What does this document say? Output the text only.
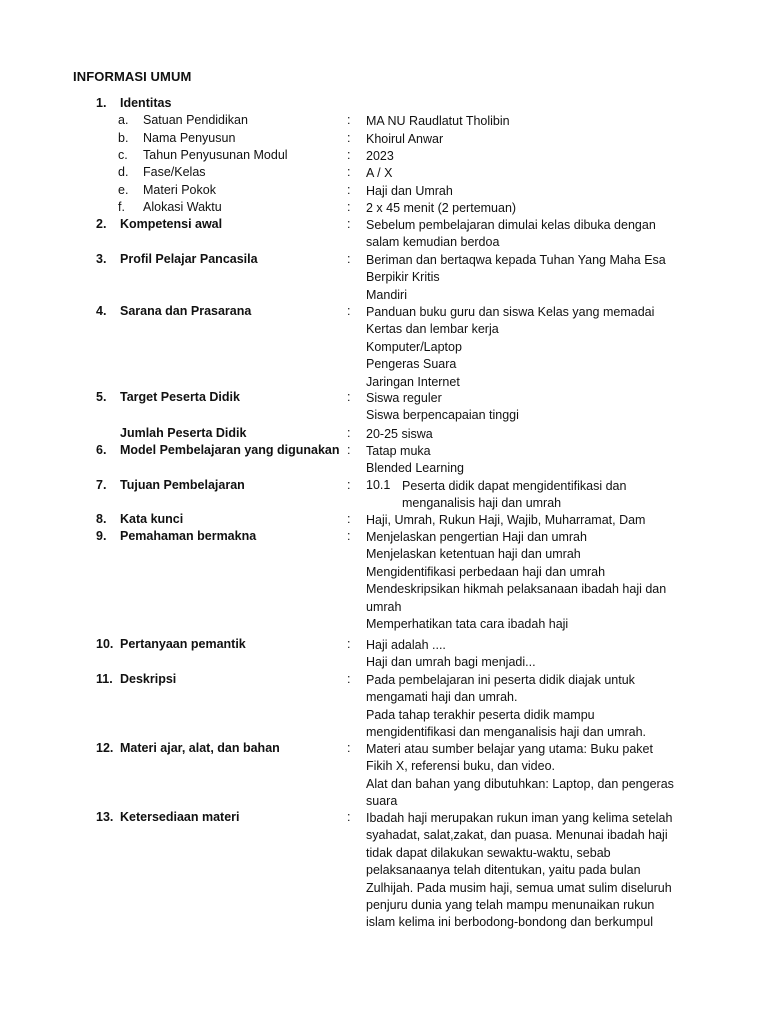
INFORMASI UMUM
1. Identitas
a. Satuan Pendidikan	: MA NU Raudlatut Tholibin
b. Nama Penyusun	: Khoirul Anwar
c. Tahun Penyusunan Modul	: 2023
d. Fase/Kelas	: A / X
e. Materi Pokok	: Haji dan Umrah
f. Alokasi Waktu	: 2 x 45 menit (2 pertemuan)
2. Kompetensi awal	: Sebelum pembelajaran dimulai kelas dibuka dengan
salam kemudian berdoa
3. Profil Pelajar Pancasila	: Beriman dan bertaqwa kepada Tuhan Yang Maha Esa
Berpikir Kritis
Mandiri
4. Sarana dan Prasarana	: Panduan buku guru dan siswa Kelas yang memadai
Kertas dan lembar kerja
Komputer/Laptop
Pengeras Suara
Jaringan Internet
5. Target Peserta Didik	: Siswa reguler
Siswa berpencapaian tinggi
Jumlah Peserta Didik	: 20-25 siswa
6. Model Pembelajaran yang digunakan : Tatap muka
Blended Learning
7. Tujuan Pembelajaran	: 10.1 Peserta didik dapat mengidentifikasi dan
menganalisis haji dan umrah
8. Kata kunci	: Haji, Umrah, Rukun Haji, Wajib, Muharramat, Dam
9. Pemahaman bermakna	: Menjelaskan pengertian Haji dan umrah
Menjelaskan ketentuan haji dan umrah
Mengidentifikasi perbedaan haji dan umrah
Mendeskripsikan hikmah pelaksanaan ibadah haji dan
umrah
Memperhatikan tata cara ibadah haji
10. Pertanyaan pemantik	: Haji adalah ....
Haji dan umrah bagi menjadi...
11. Deskripsi	: Pada pembelajaran ini peserta didik diajak untuk
mengamati haji dan umrah.
Pada tahap terakhir peserta didik mampu
mengidentifikasi dan menganalisis haji dan umrah.
12. Materi ajar, alat, dan bahan	: Materi atau sumber belajar yang utama: Buku paket
Fikih X, referensi buku, dan video.
Alat dan bahan yang dibutuhkan: Laptop, dan pengeras
suara
13. Ketersediaan materi	: Ibadah haji merupakan rukun iman yang kelima setelah
syahadat, salat,zakat, dan puasa. Menunai ibadah haji
tidak dapat dilakukan sewaktu-waktu, sebab
pelaksanaanya telah ditentukan, yaitu pada bulan
Zulhijah. Pada musim haji, semua umat sulim diseluruh
penjuru dunia yang telah mampu menunaikan rukun
islam kelima ini berbodong-bondong dan berkumpul
